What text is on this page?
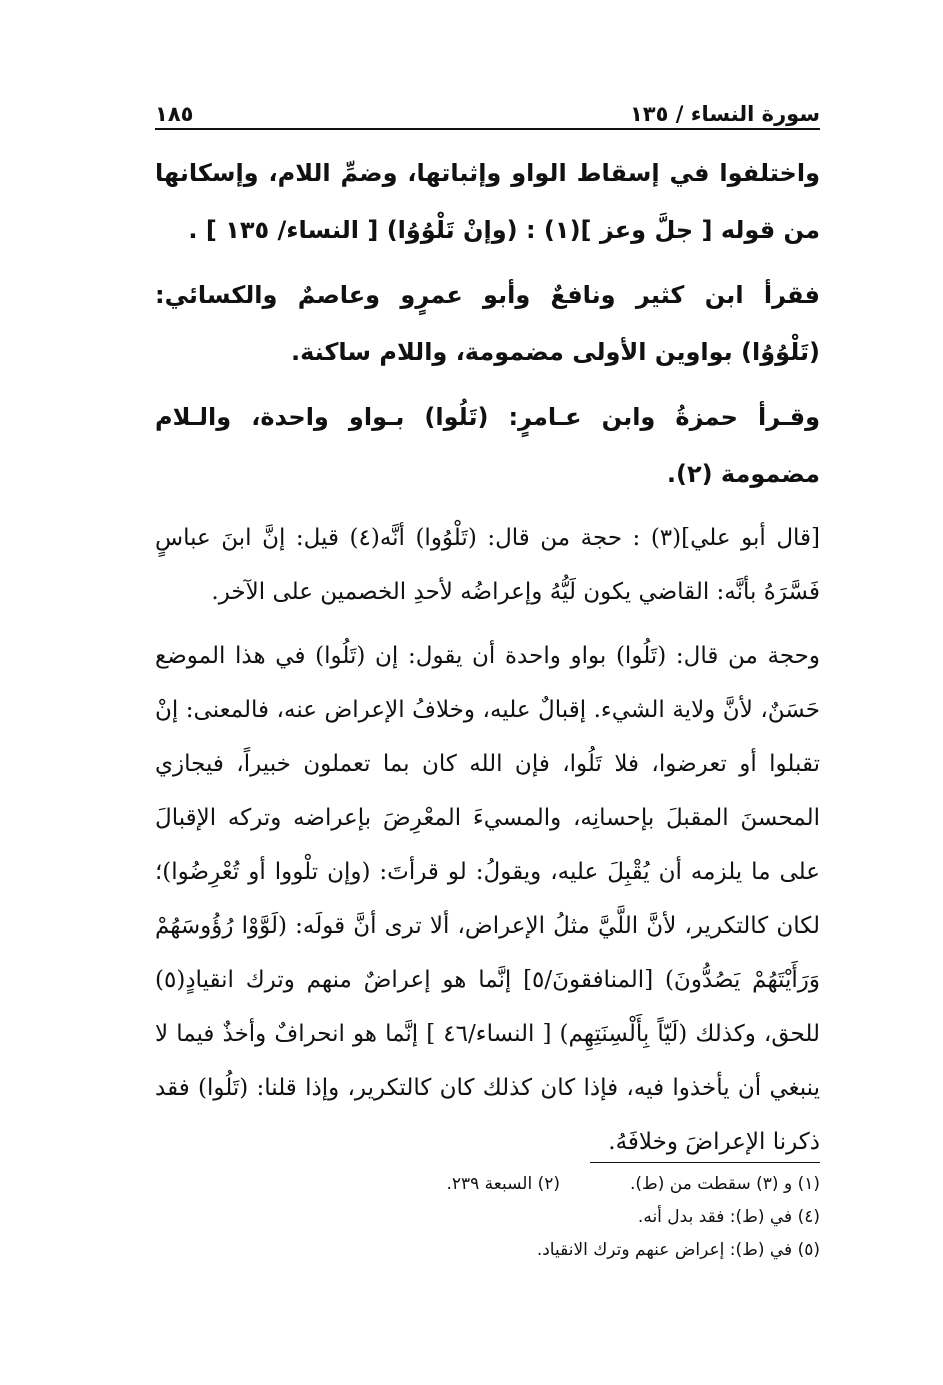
سورة النساء / ١٣٥
١٨٥

واختلفوا في إسقاط الواو وإثباتها، وضمِّ اللام، وإسكانها من قوله [ جلَّ وعز ](١) : (وإنْ تَلْوُوُا) [ النساء/ ١٣٥ ] .

فقرأ ابن كثير ونافعٌ وأبو عمرٍو وعاصمٌ والكسائي: (تَلْوُوُا) بواوين الأولى مضمومة، واللام ساكنة.

وقـرأ حمزةُ وابن عـامرٍ: (تَلُوا) بـواو واحدة، والـلام مضمومة (٢).

[قال أبو علي](٣) : حجة من قال: (تَلْوُوا) أنَّه(٤) قيل: إنَّ ابنَ عباسٍ فَسَّرَهُ بأنَّه: القاضي يكون لَيُّهُ وإعراضُه لأحدِ الخصمين على الآخر.

وحجة من قال: (تَلُوا) بواو واحدة أن يقول: إن (تَلُوا) في هذا الموضع حَسَنٌ، لأنَّ ولاية الشيء. إقبالٌ عليه، وخلافُ الإعراض عنه، فالمعنى: إنْ تقبلوا أو تعرضوا، فلا تَلُوا، فإن الله كان بما تعملون خبيراً، فيجازي المحسنَ المقبلَ بإحسانِه، والمسيءَ المعْرِضَ بإعراضه وتركه الإقبالَ على ما يلزمه أن يُقْبِلَ عليه، ويقولُ: لو قرأتَ: (وإن تلْووا أو تُعْرِضُوا)؛ لكان كالتكرير، لأنَّ اللَّيَّ مثلُ الإعراض، ألا ترى أنَّ قولَه: (لَوَّوْا رُؤُوسَهُمْ وَرَأَيْتَهُمْ يَصُدُّونَ) [المنافقونَ/٥] إنَّما هو إعراضٌ منهم وترك انقيادٍ(٥) للحق، وكذلك (لَيّاً بِأَلْسِنَتِهِم) [ النساء/٤٦ ] إنَّما هو انحرافٌ وأخذٌ فيما لا ينبغي أن يأخذوا فيه، فإذا كان كذلك كان كالتكرير، وإذا قلنا: (تَلُوا) فقد ذكرنا الإعراضَ وخلافَهُ.

(١) و (٣) سقطت من (ط).
(٢) السبعة ٢٣٩.
(٤) في (ط): فقد بدل أنه.
(٥) في (ط): إعراض عنهم وترك الانقياد.
